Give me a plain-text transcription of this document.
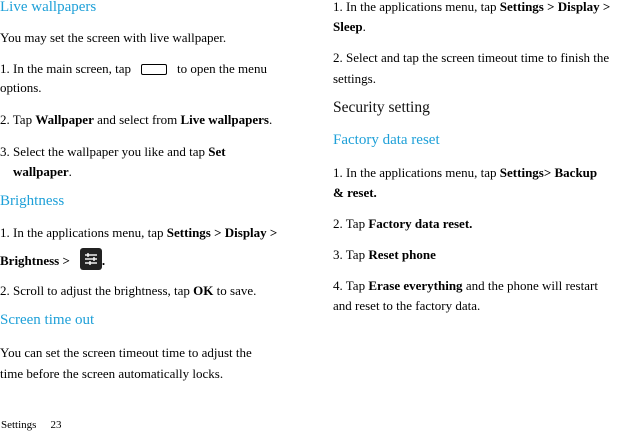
Live wallpapers
You may set the screen with live wallpaper.
1. In the main screen, tap	to open the menu
options.
2. Tap Wallpaper and select from Live wallpapers.
3. Select the wallpaper you like and tap Set
wallpaper.
Brightness
1. In the applications menu, tap Settings > Display >
Brightness > .
2. Scroll to adjust the brightness, tap OK to save.
Screen time out
You can set the screen timeout time to adjust the
time before the screen automatically locks.
1. In the applications menu, tap Settings > Display >
Sleep.
2. Select and tap the screen timeout time to finish the
settings.
Security setting
Factory data reset
1. In the applications menu, tap Settings> Backup
& reset.
2. Tap Factory data reset.
3. Tap Reset phone
4. Tap Erase everything and the phone will restart
and reset to the factory data.
Settings 23
